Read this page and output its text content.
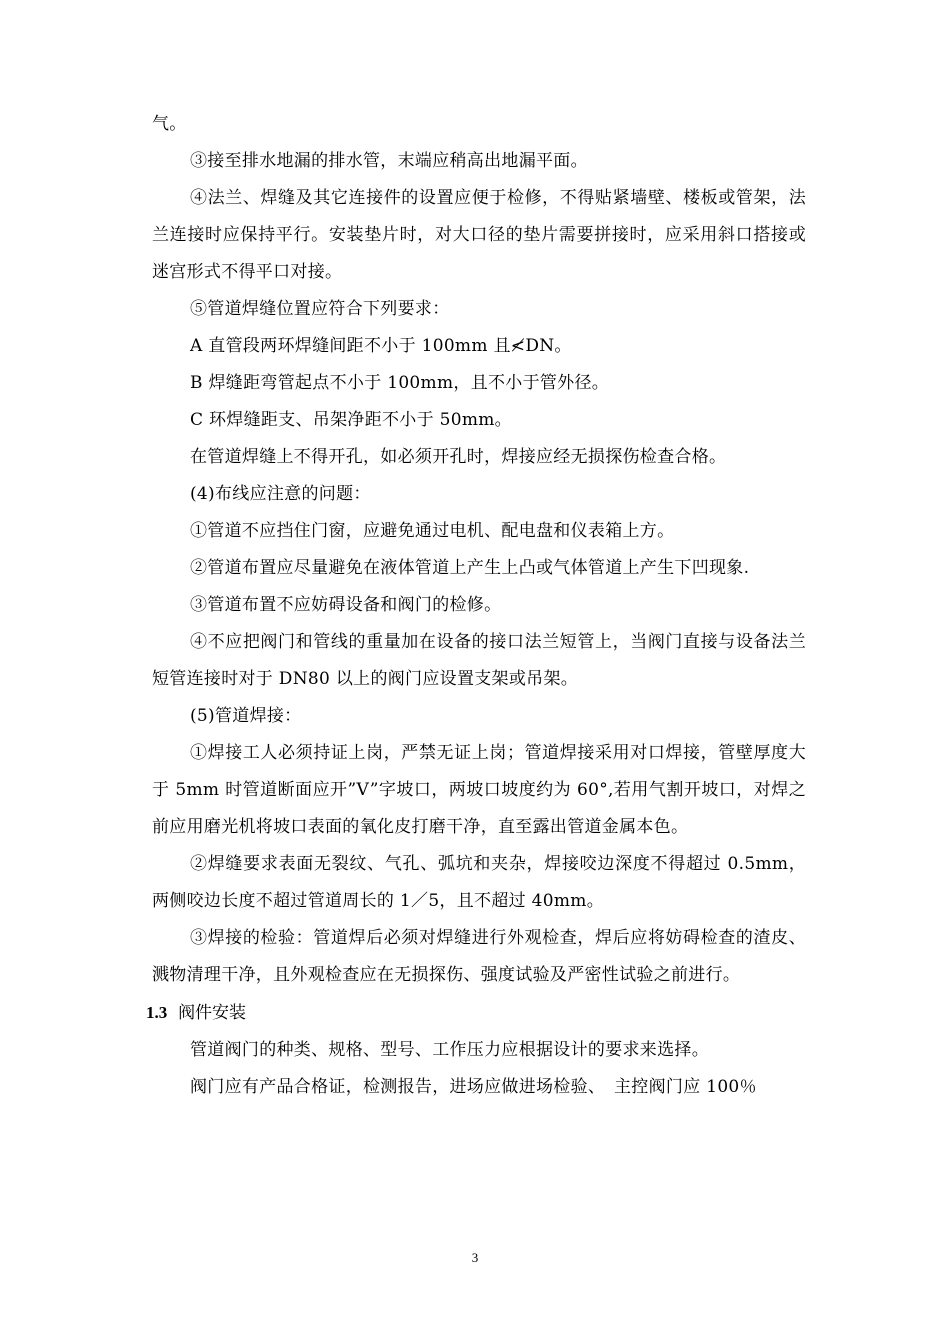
气。

③接至排水地漏的排水管，末端应稍高出地漏平面。

④法兰、焊缝及其它连接件的设置应便于检修，不得贴紧墙壁、楼板或管架，法兰连接时应保持平行。安装垫片时，对大口径的垫片需要拼接时，应采用斜口搭接或迷宫形式不得平口对接。

⑤管道焊缝位置应符合下列要求：

A 直管段两环焊缝间距不小于 100mm 且≮DN。

B 焊缝距弯管起点不小于 100mm，且不小于管外径。

C 环焊缝距支、吊架净距不小于 50mm。

在管道焊缝上不得开孔，如必须开孔时，焊接应经无损探伤检查合格。

(4)布线应注意的问题：

①管道不应挡住门窗，应避免通过电机、配电盘和仪表箱上方。

②管道布置应尽量避免在液体管道上产生上凸或气体管道上产生下凹现象.

③管道布置不应妨碍设备和阀门的检修。

④不应把阀门和管线的重量加在设备的接口法兰短管上，当阀门直接与设备法兰短管连接时对于 DN80 以上的阀门应设置支架或吊架。

(5)管道焊接：

①焊接工人必须持证上岗，严禁无证上岗；管道焊接采用对口焊接，管壁厚度大于 5mm 时管道断面应开”V”字坡口，两坡口坡度约为 60°,若用气割开坡口，对焊之前应用磨光机将坡口表面的氧化皮打磨干净，直至露出管道金属本色。

②焊缝要求表面无裂纹、气孔、弧坑和夹杂，焊接咬边深度不得超过 0.5mm，两侧咬边长度不超过管道周长的 1／5，且不超过 40mm。

③焊接的检验：管道焊后必须对焊缝进行外观检查，焊后应将妨碍检查的渣皮、溅物清理干净，且外观检查应在无损探伤、强度试验及严密性试验之前进行。

1.3 阀件安装

管道阀门的种类、规格、型号、工作压力应根据设计的要求来选择。

阀门应有产品合格证，检测报告，进场应做进场检验、　主控阀门应 100％

3
